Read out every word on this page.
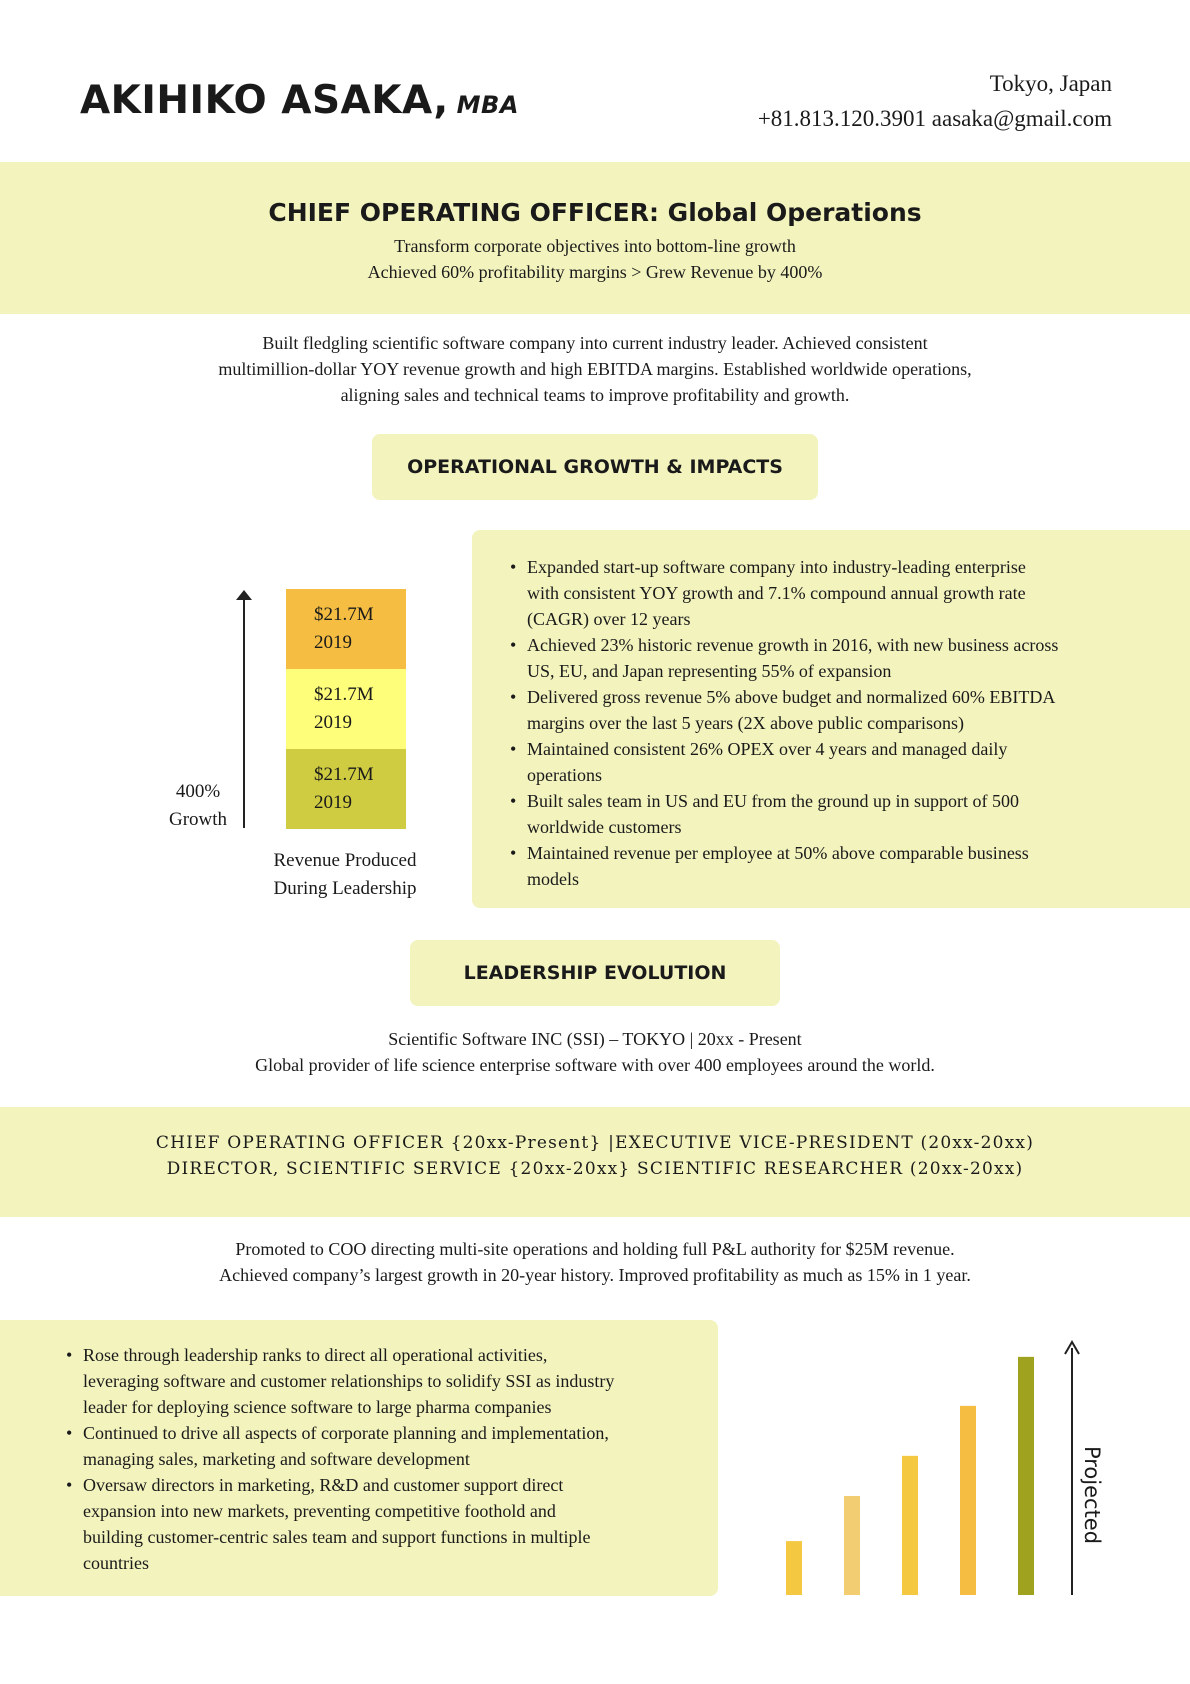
AKIHIKO ASAKA, MBA
Tokyo, Japan
+81.813.120.3901 aasaka@gmail.com
CHIEF OPERATING OFFICER: Global Operations
Transform corporate objectives into bottom-line growth
Achieved 60% profitability margins > Grew Revenue by 400%
Built fledgling scientific software company into current industry leader. Achieved consistent
multimillion-dollar YOY revenue growth and high EBITDA margins. Established worldwide operations,
aligning sales and technical teams to improve profitability and growth.
OPERATIONAL GROWTH & IMPACTS
400%
Growth
$21.7M
2019
$21.7M
2019
$21.7M
2019
Revenue Produced
During Leadership
• Expanded start-up software company into industry-leading enterprise
with consistent YOY growth and 7.1% compound annual growth rate
(CAGR) over 12 years
• Achieved 23% historic revenue growth in 2016, with new business across
US, EU, and Japan representing 55% of expansion
• Delivered gross revenue 5% above budget and normalized 60% EBITDA
margins over the last 5 years (2X above public comparisons)
• Maintained consistent 26% OPEX over 4 years and managed daily
operations
• Built sales team in US and EU from the ground up in support of 500
worldwide customers
• Maintained revenue per employee at 50% above comparable business
models
LEADERSHIP EVOLUTION
Scientific Software INC (SSI) – TOKYO | 20xx - Present
Global provider of life science enterprise software with over 400 employees around the world.
CHIEF OPERATING OFFICER {20xx-Present} |EXECUTIVE VICE-PRESIDENT (20xx-20xx)
DIRECTOR, SCIENTIFIC SERVICE {20xx-20xx} SCIENTIFIC RESEARCHER (20xx-20xx)
Promoted to COO directing multi-site operations and holding full P&L authority for $25M revenue.
Achieved company’s largest growth in 20-year history. Improved profitability as much as 15% in 1 year.
• Rose through leadership ranks to direct all operational activities,
leveraging software and customer relationships to solidify SSI as industry
leader for deploying science software to large pharma companies
• Continued to drive all aspects of corporate planning and implementation,
managing sales, marketing and software development
• Oversaw directors in marketing, R&D and customer support direct
expansion into new markets, preventing competitive foothold and
building customer-centric sales team and support functions in multiple
countries
Projected
